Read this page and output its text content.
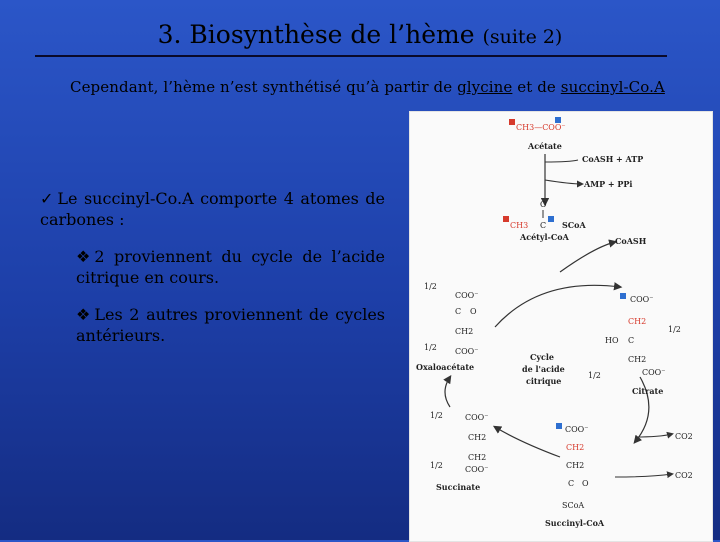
3. Biosynthèse de l’hème (suite 2)
Cependant, l’hème n’est synthétisé qu’à partir de glycine et de succinyl-Co.A

✓ Le succinyl-Co.A comporte 4 atomes de carbones :

❖ 2 proviennent du cycle de l’acide citrique en cours.

❖ Les 2 autres proviennent de cycles antérieurs.

CH3—COO⁻
Acétate
CoASH + ATP
AMP + PPi
O
CH3 C SCoA
Acétyl-CoA	CoASH
1/2
COO⁻
C O
CH2
1/2 COO⁻
Oxaloacétate
Cycle
de l'acide
citrique
COO⁻
CH2
HO C
1/2
CH2
1/2	COO⁻
Citrate
1/2	COO⁻
CH2
CH2
1/2	COO⁻
Succinate
COO⁻
CH2
CH2
C O
SCoA
Succinyl-CoA
CO2
CO2
